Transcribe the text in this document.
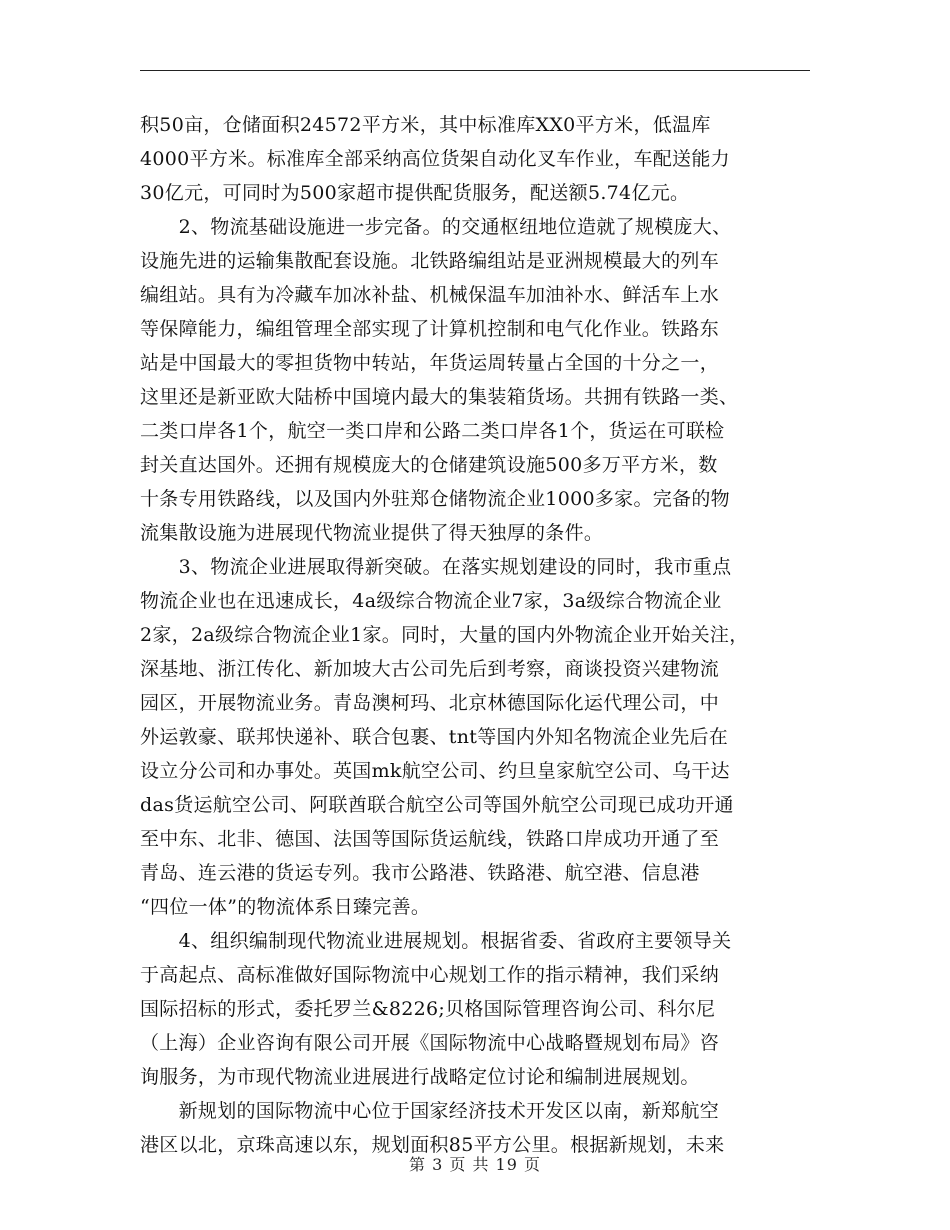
积50亩，仓储面积24572平方米，其中标准库XX0平方米，低温库
4000平方米。标准库全部采纳高位货架自动化叉车作业，车配送能力
30亿元，可同时为500家超市提供配货服务，配送额5.74亿元。
　　2、物流基础设施进一步完备。的交通枢纽地位造就了规模庞大、
设施先进的运输集散配套设施。北铁路编组站是亚洲规模最大的列车
编组站。具有为冷藏车加冰补盐、机械保温车加油补水、鲜活车上水
等保障能力，编组管理全部实现了计算机控制和电气化作业。铁路东
站是中国最大的零担货物中转站，年货运周转量占全国的十分之一，
这里还是新亚欧大陆桥中国境内最大的集装箱货场。共拥有铁路一类、
二类口岸各1个，航空一类口岸和公路二类口岸各1个，货运在可联检
封关直达国外。还拥有规模庞大的仓储建筑设施500多万平方米，数
十条专用铁路线，以及国内外驻郑仓储物流企业1000多家。完备的物
流集散设施为进展现代物流业提供了得天独厚的条件。
　　3、物流企业进展取得新突破。在落实规划建设的同时，我市重点
物流企业也在迅速成长，4a级综合物流企业7家，3a级综合物流企业
2家，2a级综合物流企业1家。同时，大量的国内外物流企业开始关注，
深基地、浙江传化、新加坡大古公司先后到考察，商谈投资兴建物流
园区，开展物流业务。青岛澳柯玛、北京林德国际化运代理公司，中
外运敦豪、联邦快递补、联合包裹、tnt等国内外知名物流企业先后在
设立分公司和办事处。英国mk航空公司、约旦皇家航空公司、乌干达
das货运航空公司、阿联酋联合航空公司等国外航空公司现已成功开通
至中东、北非、德国、法国等国际货运航线，铁路口岸成功开通了至
青岛、连云港的货运专列。我市公路港、铁路港、航空港、信息港
“四位一体”的物流体系日臻完善。
　　4、组织编制现代物流业进展规划。根据省委、省政府主要领导关
于高起点、高标准做好国际物流中心规划工作的指示精神，我们采纳
国际招标的形式，委托罗兰&8226;贝格国际管理咨询公司、科尔尼
（上海）企业咨询有限公司开展《国际物流中心战略暨规划布局》咨
询服务，为市现代物流业进展进行战略定位讨论和编制进展规划。
　　新规划的国际物流中心位于国家经济技术开发区以南，新郑航空
港区以北，京珠高速以东，规划面积85平方公里。根据新规划，未来
第 3 页 共 19 页
